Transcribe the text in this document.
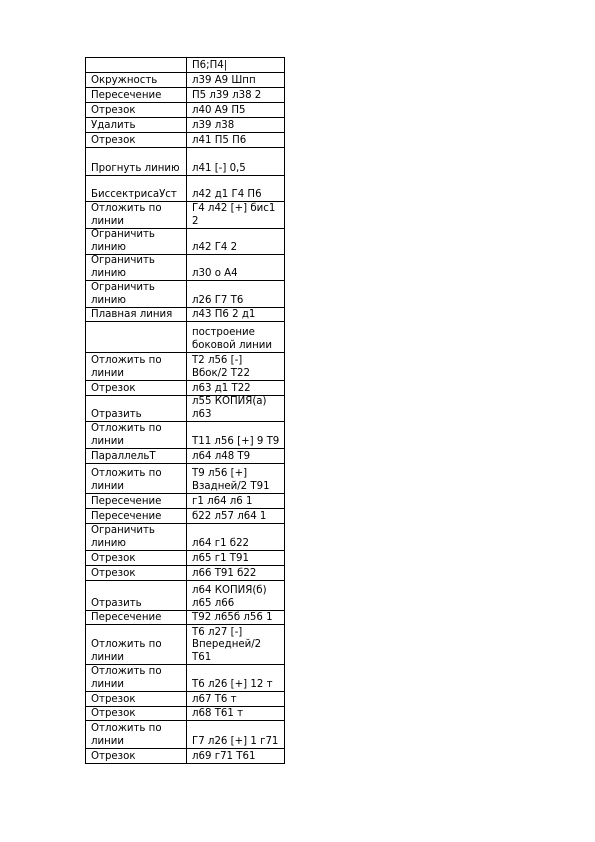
	П6;П4|
Окружность	л39 А9 Шпп
Пересечение	П5 л39 л38 2
Отрезок	л40 А9 П5
Удалить	л39 л38
Отрезок	л41 П5 П6
Прогнуть линию	л41 [-] 0,5
БиссектрисаУст	л42 д1 Г4 П6
Отложить по линии	Г4 л42 [+] бис1 2
Ограничить линию	л42 Г4 2
Ограничить линию	л30 о А4
Ограничить линию	л26 Г7 Т6
Плавная линия	л43 П6 2 д1
	построение боковой линии
Отложить по линии	Т2 л56 [-] Вбок/2 Т22
Отрезок	л63 д1 Т22
Отразить	л55 КОПИЯ(а) л63
Отложить по линии	Т11 л56 [+] 9 Т9
ПараллельТ	л64 л48 Т9
Отложить по линии	Т9 л56 [+] Взадней/2 Т91
Пересечение	г1 л64 л6 1
Пересечение	б22 л57 л64 1
Ограничить линию	л64 г1 б22
Отрезок	л65 г1 Т91
Отрезок	л66 Т91 б22
Отразить	л64 КОПИЯ(б) л65 л66
Пересечение	Т92 л65б л56 1
Отложить по линии	Т6 л27 [-] Впередней/2 Т61
Отложить по линии	Т6 л26 [+] 12 т
Отрезок	л67 Т6 т
Отрезок	л68 Т61 т
Отложить по линии	Г7 л26 [+] 1 г71
Отрезок	л69 г71 Т61
